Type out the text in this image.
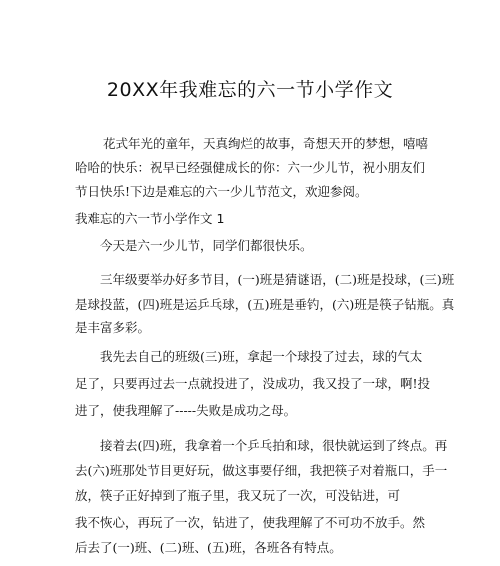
20XX年我难忘的六一节小学作文
花式年光的童年，天真绚烂的故事，奇想天开的梦想，嘻嘻
哈哈的快乐：祝早已经强健成长的你：六一少儿节，祝小朋友们
节日快乐!下边是难忘的六一少儿节范文，欢迎参阅。
我难忘的六一节小学作文 1
今天是六一少儿节，同学们都很快乐。
三年级要举办好多节目，(一)班是猜谜语，(二)班是投球，(三)班
是球投蓝，(四)班是运乒乓球，(五)班是垂钓，(六)班是筷子钻瓶。真
是丰富多彩。
我先去自己的班级(三)班，拿起一个球投了过去，球的气太
足了，只要再过去一点就投进了，没成功，我又投了一球，啊!投
进了，使我理解了-----失败是成功之母。
接着去(四)班，我拿着一个乒乓拍和球，很快就运到了终点。再
去(六)班那处节目更好玩，做这事要仔细，我把筷子对着瓶口，手一
放，筷子正好掉到了瓶子里，我又玩了一次，可没钻进，可
我不恢心，再玩了一次，钻进了，使我理解了不可功不放手。然
后去了(一)班、(二)班、(五)班，各班各有特点。
